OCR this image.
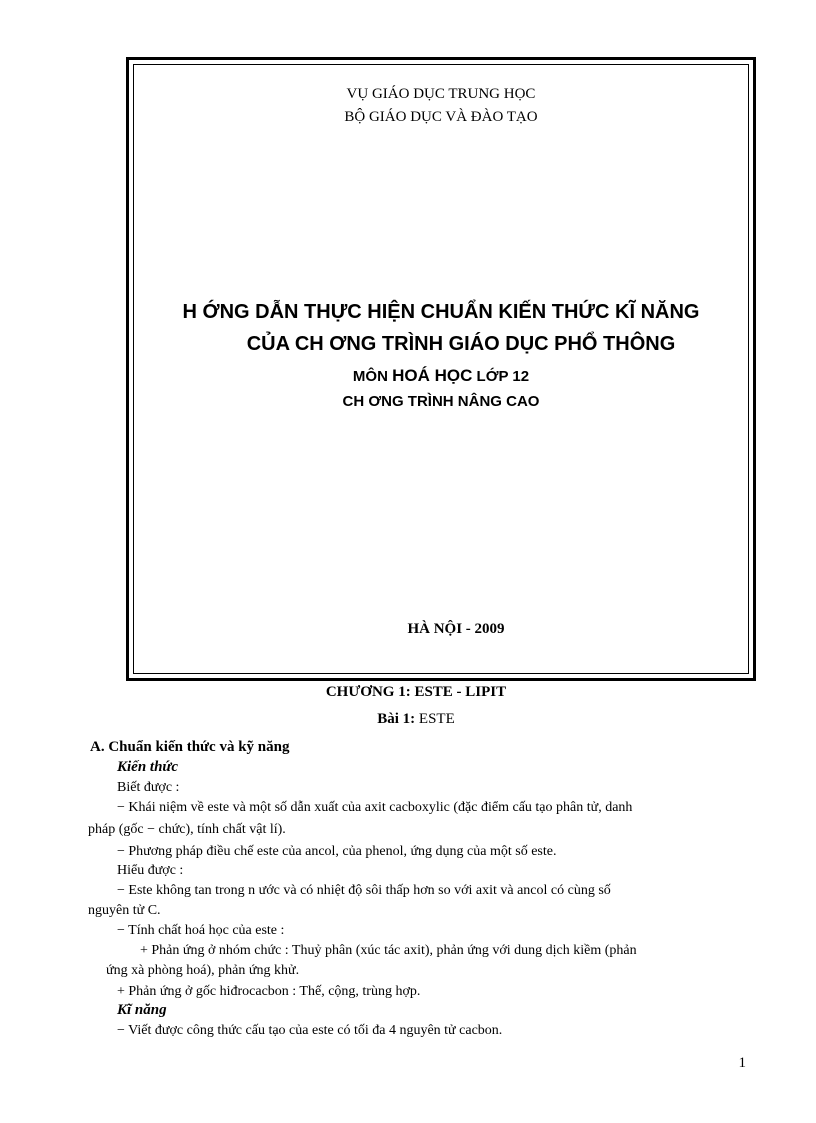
VỤ GIÁO DỤC TRUNG HỌC
BỘ GIÁO DỤC VÀ ĐÀO TẠO
H ỚNG DẪN THỰC HIỆN CHUẨN KIẾN THỨC KĨ NĂNG
CỦA CH ƠNG TRÌNH GIÁO DỤC PHỔ THÔNG
MÔN HOÁ HỌC LỚP 12
CH ƠNG TRÌNH NÂNG CAO
HÀ NỘI - 2009
CHƯƠNG 1: ESTE - LIPIT
Bài 1: ESTE
A. Chuẩn kiến thức và kỹ năng
Kiến thức
Biết được :
− Khái niệm về este và một số dẫn xuất của axit cacboxylic (đặc điểm cấu tạo phân tử, danh
pháp (gốc − chức), tính chất vật lí).
− Phương pháp điều chế este của ancol, của phenol, ứng dụng của một số este.
Hiểu được :
− Este không tan trong n ước và có nhiệt độ sôi thấp hơn so với axit và ancol có cùng số
nguyên tử C.
− Tính chất hoá học của este :
+ Phản ứng ở nhóm chức : Thuỷ phân (xúc tác axit), phản ứng với dung dịch kiềm (phản
ứng xà phòng hoá), phản ứng khử.
+ Phản ứng ở gốc hiđrocacbon : Thế, cộng, trùng hợp.
Kĩ năng
− Viết được công thức cấu tạo của este có tối đa 4 nguyên tử cacbon.
1
